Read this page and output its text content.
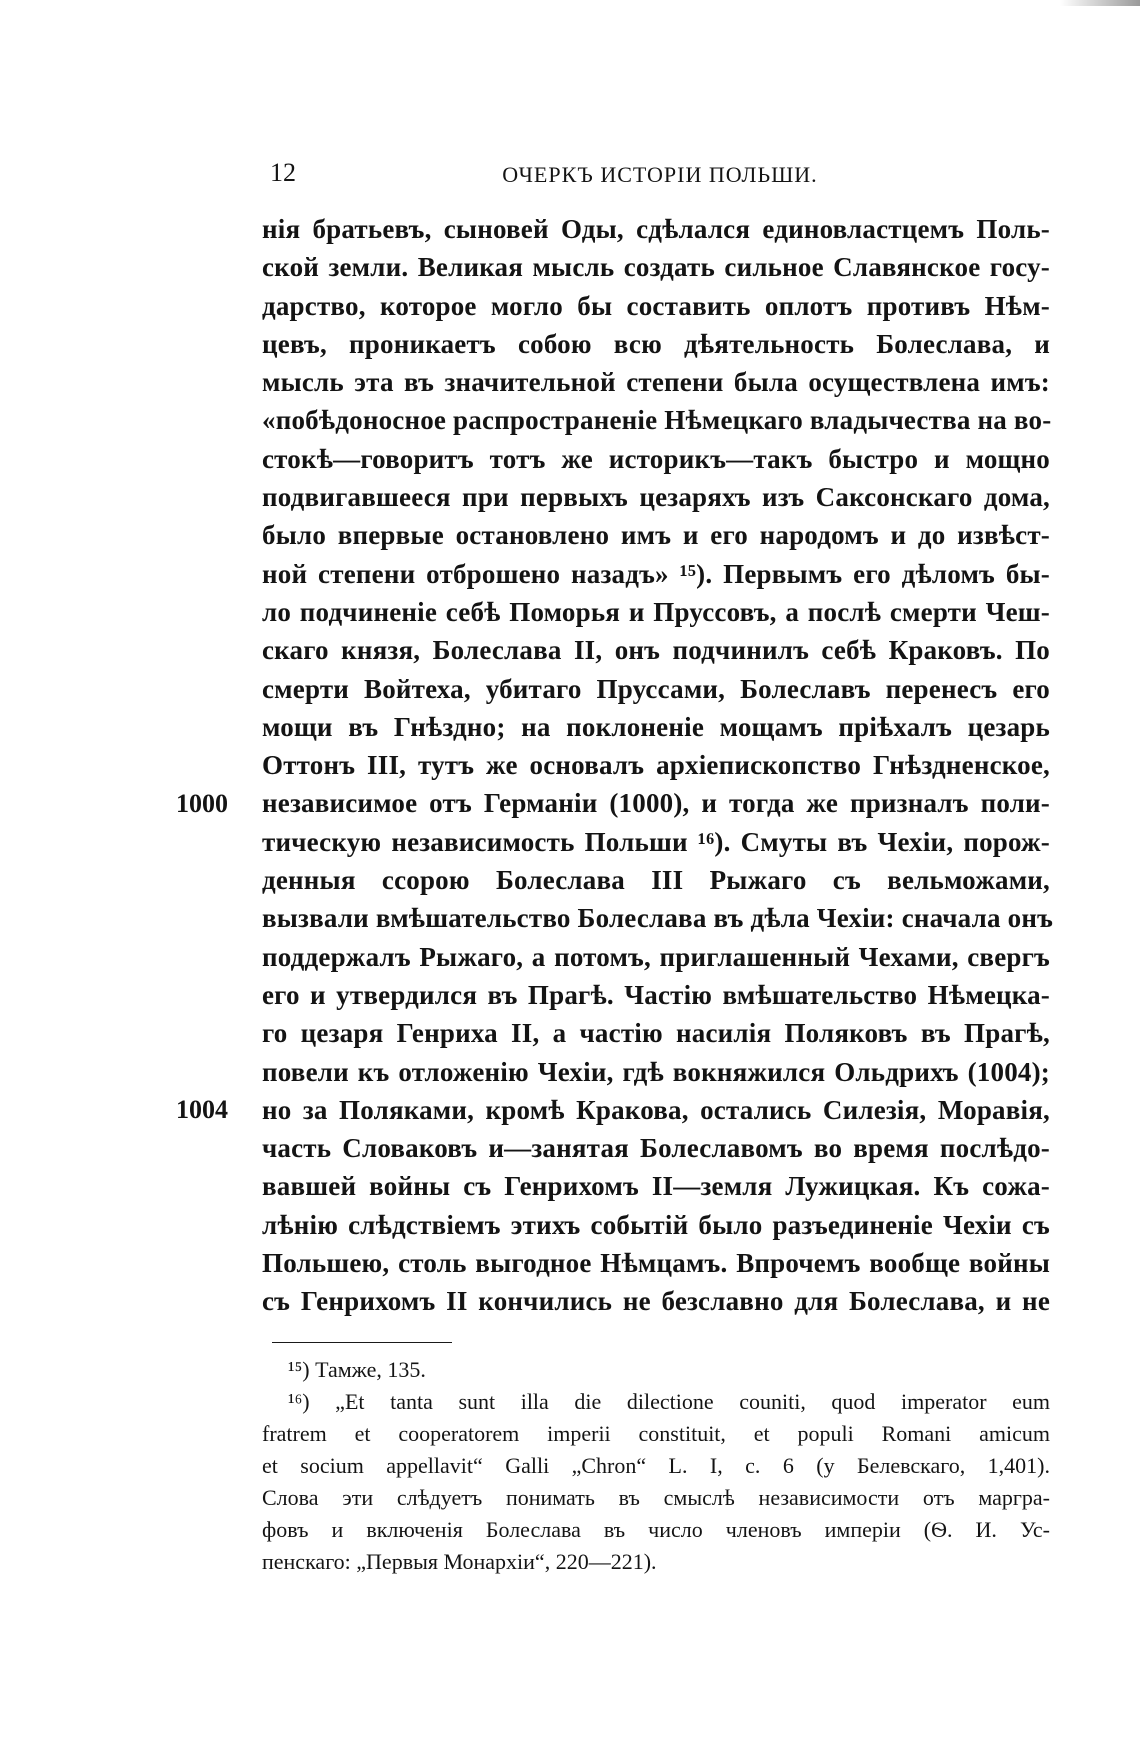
12	ОЧЕРКЪ ИСТОРІИ ПОЛЬШИ.
нія братьевъ, сыновей Оды, сдѣлался единовластцемъ Поль-
ской земли. Великая мысль создать сильное Славянское госу-
дарство, которое могло бы составить оплотъ противъ Нѣм-
цевъ, проникаетъ собою всю дѣятельность Болеслава, и
мысль эта въ значительной степени была осуществлена имъ:
«побѣдоносное распространеніе Нѣмецкаго владычества на во-
стокѣ—говоритъ тотъ же историкъ—такъ быстро и мощно
подвигавшееся при первыхъ цезаряхъ изъ Саксонскаго дома,
было впервые остановлено имъ и его народомъ и до извѣст-
ной степени отброшено назадъ» ¹⁵). Первымъ его дѣломъ бы-
ло подчиненіе себѣ Поморья и Пруссовъ, а послѣ смерти Чеш-
скаго князя, Болеслава II, онъ подчинилъ себѣ Краковъ. По
смерти Войтеха, убитаго Пруссами, Болеславъ перенесъ его
мощи въ Гнѣздно; на поклоненіе мощамъ пріѣхалъ цезарь
Оттонъ III, тутъ же основалъ архіепископство Гнѣздненское,
независимое отъ Германіи (1000), и тогда же призналъ поли-
тическую независимость Польши ¹⁶). Смуты въ Чехіи, порож-
денныя ссорою Болеслава III Рыжаго съ вельможами,
вызвали вмѣшательство Болеслава въ дѣла Чехіи: сначала онъ
поддержалъ Рыжаго, а потомъ, приглашенный Чехами, свергъ
его и утвердился въ Прагѣ. Частію вмѣшательство Нѣмецка-
го цезаря Генриха II, а частію насилія Поляковъ въ Прагѣ,
повели къ отложенію Чехіи, гдѣ вокняжился Ольдрихъ (1004);
но за Поляками, кромѣ Кракова, остались Силезія, Моравія,
часть Словаковъ и—занятая Болеславомъ во время послѣдо-
вавшей войны съ Генрихомъ II—земля Лужицкая. Къ сожа-
лѣнію слѣдствіемъ этихъ событій было разъединеніе Чехіи съ
Польшею, столь выгодное Нѣмцамъ. Впрочемъ вообще войны
съ Генрихомъ II кончились не безславно для Болеслава, и не
1000
1004
¹⁵) Тамже, 135.
¹⁶) „Et tanta sunt illa die dilectione couniti, quod imperator eum
fratrem et cooperatorem imperii constituit, et populi Romani amicum
et socium appellavit“ Galli „Chron“ L. I, c. 6 (у Белевскаго, 1,401).
Слова эти слѣдуетъ понимать въ смыслѣ независимости отъ маргра-
фовъ и включенія Болеслава въ число членовъ имперіи (Ѳ. И. Ус-
пенскаго: „Первыя Монархіи“, 220—221).
